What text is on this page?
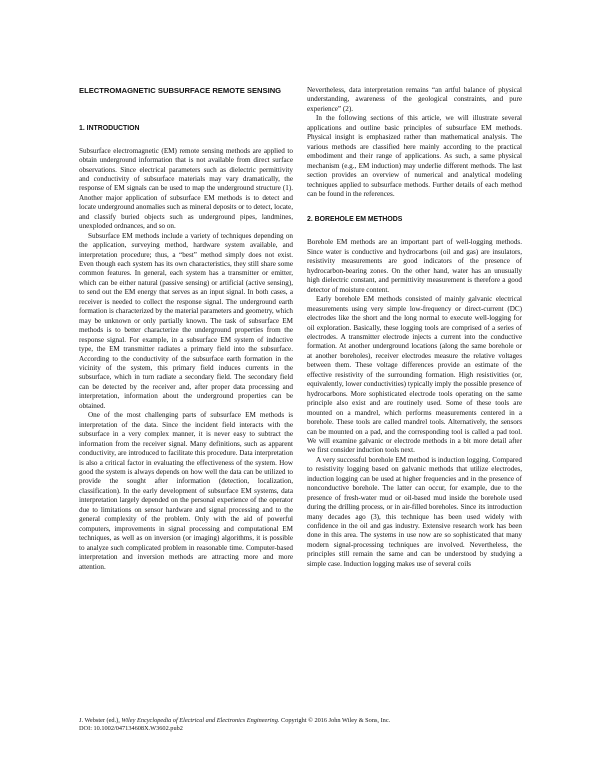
ELECTROMAGNETIC SUBSURFACE REMOTE SENSING
1. INTRODUCTION

Subsurface electromagnetic (EM) remote sensing methods are applied to obtain underground information that is not available from direct surface observations. Since electrical parameters such as dielectric permittivity and conductivity of subsurface materials may vary dramatically, the response of EM signals can be used to map the underground structure (1). Another major application of subsurface EM methods is to detect and locate underground anomalies such as mineral deposits or to detect, locate, and classify buried objects such as underground pipes, landmines, unexploded ordnances, and so on.

Subsurface EM methods include a variety of techniques depending on the application, surveying method, hardware system available, and interpretation procedure; thus, a “best” method simply does not exist. Even though each system has its own characteristics, they still share some common features. In general, each system has a transmitter or emitter, which can be either natural (passive sensing) or artificial (active sensing), to send out the EM energy that serves as an input signal. In both cases, a receiver is needed to collect the response signal. The underground earth formation is characterized by the material parameters and geometry, which may be unknown or only partially known. The task of subsurface EM methods is to better characterize the underground properties from the response signal. For example, in a subsurface EM system of inductive type, the EM transmitter radiates a primary field into the subsurface. According to the conductivity of the subsurface earth formation in the vicinity of the system, this primary field induces currents in the subsurface, which in turn radiate a secondary field. The secondary field can be detected by the receiver and, after proper data processing and interpretation, information about the underground properties can be obtained.

One of the most challenging parts of subsurface EM methods is interpretation of the data. Since the incident field interacts with the subsurface in a very complex manner, it is never easy to subtract the information from the receiver signal. Many definitions, such as apparent conductivity, are introduced to facilitate this procedure. Data interpretation is also a critical factor in evaluating the effectiveness of the system. How good the system is always depends on how well the data can be utilized to provide the sought after information (detection, localization, classification). In the early development of subsurface EM systems, data interpretation largely depended on the personal experience of the operator due to limitations on sensor hardware and signal processing and to the general complexity of the problem. Only with the aid of powerful computers, improvements in signal processing and computational EM techniques, as well as on inversion (or imaging) algorithms, it is possible to analyze such complicated problem in reasonable time. Computer-based interpretation and inversion methods are attracting more and more attention.

Nevertheless, data interpretation remains “an artful balance of physical understanding, awareness of the geological constraints, and pure experience” (2).

In the following sections of this article, we will illustrate several applications and outline basic principles of subsurface EM methods. Physical insight is emphasized rather than mathematical analysis. The various methods are classified here mainly according to the practical embodiment and their range of applications. As such, a same physical mechanism (e.g., EM induction) may underlie different methods. The last section provides an overview of numerical and analytical modeling techniques applied to subsurface methods. Further details of each method can be found in the references.

2. BOREHOLE EM METHODS

Borehole EM methods are an important part of well-logging methods. Since water is conductive and hydrocarbons (oil and gas) are insulators, resistivity measurements are good indicators of the presence of hydrocarbon-bearing zones. On the other hand, water has an unusually high dielectric constant, and permittivity measurement is therefore a good detector of moisture content.

Early borehole EM methods consisted of mainly galvanic electrical measurements using very simple low-frequency or direct-current (DC) electrodes like the short and the long normal to execute well-logging for oil exploration. Basically, these logging tools are comprised of a series of electrodes. A transmitter electrode injects a current into the conductive formation. At another underground locations (along the same borehole or at another boreholes), receiver electrodes measure the relative voltages between them. These voltage differences provide an estimate of the effective resistivity of the surrounding formation. High resistivities (or, equivalently, lower conductivities) typically imply the possible presence of hydrocarbons. More sophisticated electrode tools operating on the same principle also exist and are routinely used. Some of these tools are mounted on a mandrel, which performs measurements centered in a borehole. These tools are called mandrel tools. Alternatively, the sensors can be mounted on a pad, and the corresponding tool is called a pad tool. We will examine galvanic or electrode methods in a bit more detail after we first consider induction tools next.

A very successful borehole EM method is induction logging. Compared to resistivity logging based on galvanic methods that utilize electrodes, induction logging can be used at higher frequencies and in the presence of nonconductive borehole. The latter can occur, for example, due to the presence of fresh-water mud or oil-based mud inside the borehole used during the drilling process, or in air-filled boreholes. Since its introduction many decades ago (3), this technique has been used widely with confidence in the oil and gas industry. Extensive research work has been done in this area. The systems in use now are so sophisticated that many modern signal-processing techniques are involved. Nevertheless, the principles still remain the same and can be understood by studying a simple case. Induction logging makes use of several coils

J. Webster (ed.), Wiley Encyclopedia of Electrical and Electronics Engineering. Copyright © 2016 John Wiley & Sons, Inc.
DOI: 10.1002/047134608X.W3602.pub2
